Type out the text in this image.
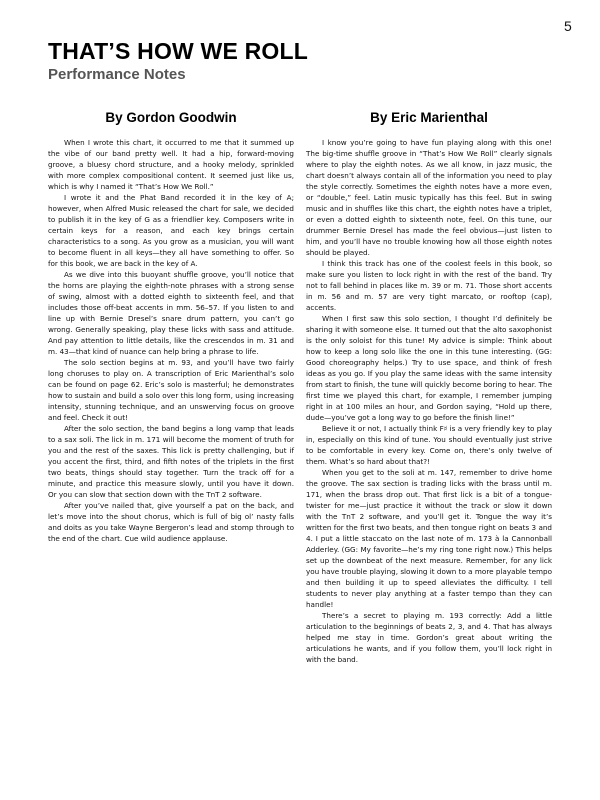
5
THAT’S HOW WE ROLL
Performance Notes
By Gordon Goodwin

When I wrote this chart, it occurred to me that it summed up the vibe of our band pretty well. It had a hip, forward-moving groove, a bluesy chord structure, and a hooky melody, sprinkled with more complex compositional content. It seemed just like us, which is why I named it “That’s How We Roll.”

I wrote it and the Phat Band recorded it in the key of A; however, when Alfred Music released the chart for sale, we decided to publish it in the key of G as a friendlier key. Composers write in certain keys for a reason, and each key brings certain characteristics to a song. As you grow as a musician, you will want to become fluent in all keys—they all have something to offer. So for this book, we are back in the key of A.

As we dive into this buoyant shuffle groove, you’ll notice that the horns are playing the eighth-note phrases with a strong sense of swing, almost with a dotted eighth to sixteenth feel, and that includes those off-beat accents in mm. 56–57. If you listen to and line up with Bernie Dresel’s snare drum pattern, you can’t go wrong. Generally speaking, play these licks with sass and attitude. And pay attention to little details, like the crescendos in m. 31 and m. 43—that kind of nuance can help bring a phrase to life.

The solo section begins at m. 93, and you’ll have two fairly long choruses to play on. A transcription of Eric Marienthal’s solo can be found on page 62. Eric’s solo is masterful; he demonstrates how to sustain and build a solo over this long form, using increasing intensity, stunning technique, and an unswerving focus on groove and feel. Check it out!

After the solo section, the band begins a long vamp that leads to a sax soli. The lick in m. 171 will become the moment of truth for you and the rest of the saxes. This lick is pretty challenging, but if you accent the first, third, and fifth notes of the triplets in the first two beats, things should stay together. Turn the track off for a minute, and practice this measure slowly, until you have it down. Or you can slow that section down with the TnT 2 software.

After you’ve nailed that, give yourself a pat on the back, and let’s move into the shout chorus, which is full of big ol’ nasty falls and doits as you take Wayne Bergeron’s lead and stomp through to the end of the chart. Cue wild audience applause.

By Eric Marienthal

I know you’re going to have fun playing along with this one! The big-time shuffle groove in “That’s How We Roll” clearly signals where to play the eighth notes. As we all know, in jazz music, the chart doesn’t always contain all of the information you need to play the style correctly. Sometimes the eighth notes have a more even, or “double,” feel. Latin music typically has this feel. But in swing music and in shuffles like this chart, the eighth notes have a triplet, or even a dotted eighth to sixteenth note, feel. On this tune, our drummer Bernie Dresel has made the feel obvious—just listen to him, and you’ll have no trouble knowing how all those eighth notes should be played.

I think this track has one of the coolest feels in this book, so make sure you listen to lock right in with the rest of the band. Try not to fall behind in places like m. 39 or m. 71. Those short accents in m. 56 and m. 57 are very tight marcato, or rooftop (cap), accents.

When I first saw this solo section, I thought I’d definitely be sharing it with someone else. It turned out that the alto saxophonist is the only soloist for this tune! My advice is simple: Think about how to keep a long solo like the one in this tune interesting. (GG: Good choreography helps.) Try to use space, and think of fresh ideas as you go. If you play the same ideas with the same intensity from start to finish, the tune will quickly become boring to hear. The first time we played this chart, for example, I remember jumping right in at 100 miles an hour, and Gordon saying, “Hold up there, dude—you’ve got a long way to go before the finish line!”

Believe it or not, I actually think F♯ is a very friendly key to play in, especially on this kind of tune. You should eventually just strive to be comfortable in every key. Come on, there’s only twelve of them. What’s so hard about that?!

When you get to the soli at m. 147, remember to drive home the groove. The sax section is trading licks with the brass until m. 171, when the brass drop out. That first lick is a bit of a tongue-twister for me—just practice it without the track or slow it down with the TnT 2 software, and you’ll get it. Tongue the way it’s written for the first two beats, and then tongue right on beats 3 and 4. I put a little staccato on the last note of m. 173 à la Cannonball Adderley. (GG: My favorite—he’s my ring tone right now.) This helps set up the downbeat of the next measure. Remember, for any lick you have trouble playing, slowing it down to a more playable tempo and then building it up to speed alleviates the difficulty. I tell students to never play anything at a faster tempo than they can handle!

There’s a secret to playing m. 193 correctly: Add a little articulation to the beginnings of beats 2, 3, and 4. That has always helped me stay in time. Gordon’s great about writing the articulations he wants, and if you follow them, you’ll lock right in with the band.
